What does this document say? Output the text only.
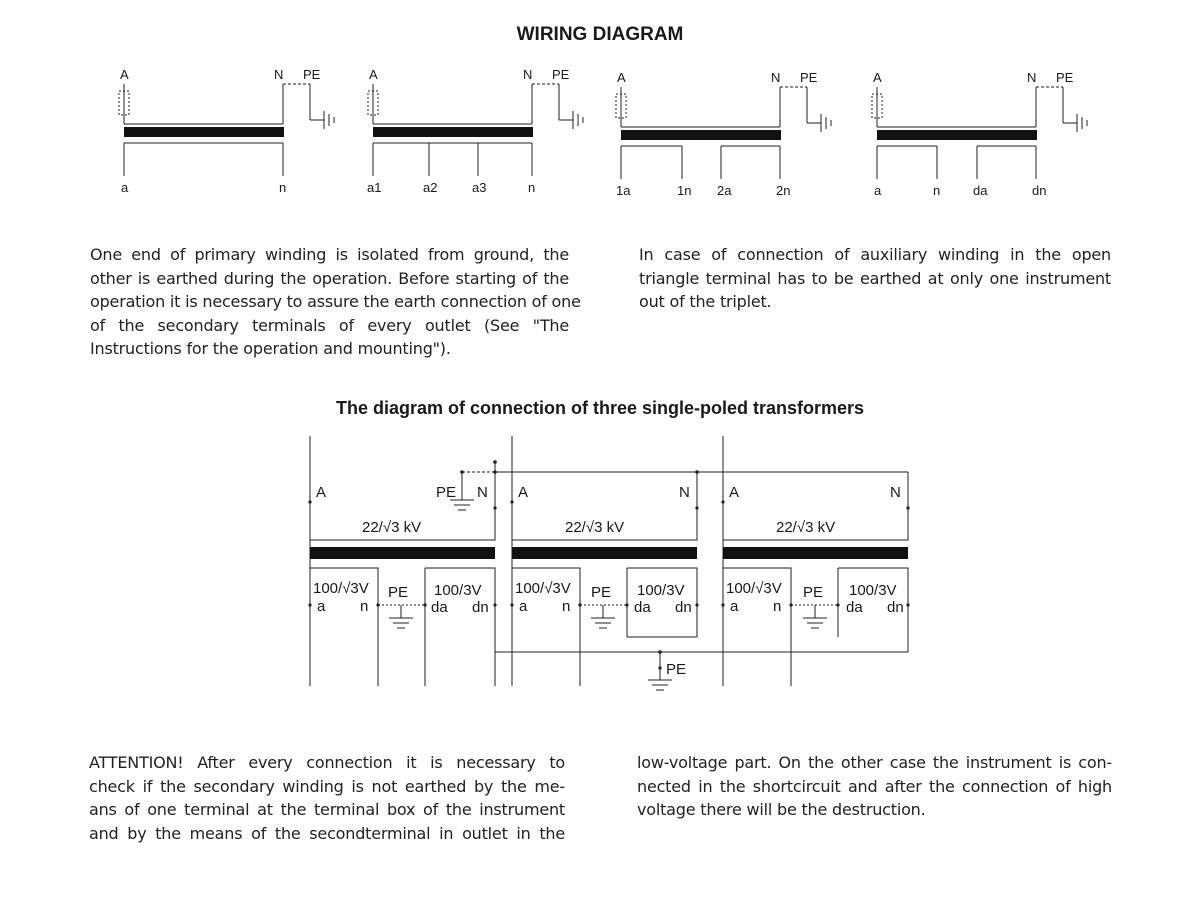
WIRING DIAGRAM
A	N PE
a	n
A	N PE
a1	a2	a3	n
A	N PE
1a	1n 2a	2n
A	N PE
a	n	da	dn
PE
A	PE N
22/√3 kV
100/√3V PE 100/3V
a n	da dn
A	N
22/√3 kV
100/√3V PE 100/3V
a n	da dn
A	N
22/√3 kV
100/√3V PE 100/3V
a n	da dn
One end of primary winding is isolated from ground, the
other is earthed during the operation. Before starting of the
operation it is necessary to assure the earth connection of one
of the secondary terminals of every outlet (See "The
Instructions for the operation and mounting").
In case of connection of auxiliary winding in the open
triangle terminal has to be earthed at only one instrument
out of the triplet.
The diagram of connection of three single-poled transformers
ATTENTION! After every connection it is necessary to
check if the secondary winding is not earthed by the me-
ans of one terminal at the terminal box of the instrument
and by the means of the secondterminal in outlet in the
low-voltage part. On the other case the instrument is con-
nected in the shortcircuit and after the connection of high
voltage there will be the destruction.
